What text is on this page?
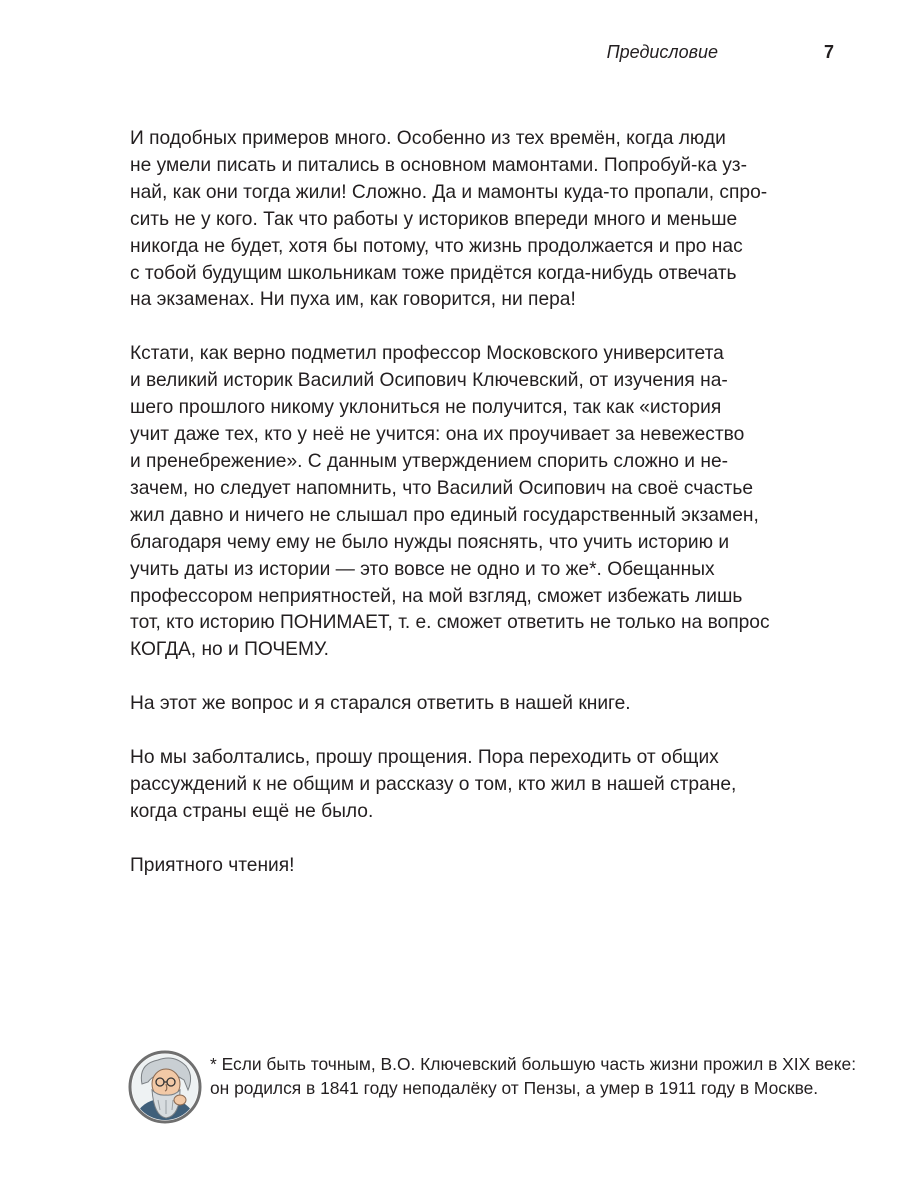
Предисловие	7

И подобных примеров много. Особенно из тех времён, когда люди
не умели писать и питались в основном мамонтами. Попробуй-ка уз-
най, как они тогда жили! Сложно. Да и мамонты куда-то пропали, спро-
сить не у кого. Так что работы у историков впереди много и меньше
никогда не будет, хотя бы потому, что жизнь продолжается и про нас
с тобой будущим школьникам тоже придётся когда-нибудь отвечать
на экзаменах. Ни пуха им, как говорится, ни пера!

Кстати, как верно подметил профессор Московского университета
и великий историк Василий Осипович Ключевский, от изучения на-
шего прошлого никому уклониться не получится, так как «история
учит даже тех, кто у неё не учится: она их проучивает за невежество
и пренебрежение». С данным утверждением спорить сложно и не-
зачем, но следует напомнить, что Василий Осипович на своё счастье
жил давно и ничего не слышал про единый государственный экзамен,
благодаря чему ему не было нужды пояснять, что учить историю и
учить даты из истории — это вовсе не одно и то же*. Обещанных
профессором неприятностей, на мой взгляд, сможет избежать лишь
тот, кто историю ПОНИМАЕТ, т. е. сможет ответить не только на вопрос
КОГДА, но и ПОЧЕМУ.

На этот же вопрос и я старался ответить в нашей книге.

Но мы заболтались, прошу прощения. Пора переходить от общих
рассуждений к не общим и рассказу о том, кто жил в нашей стране,
когда страны ещё не было.

Приятного чтения!

* Если быть точным, В.О. Ключевский большую часть жизни прожил в XIX веке:
он родился в 1841 году неподалёку от Пензы, а умер в 1911 году в Москве.
